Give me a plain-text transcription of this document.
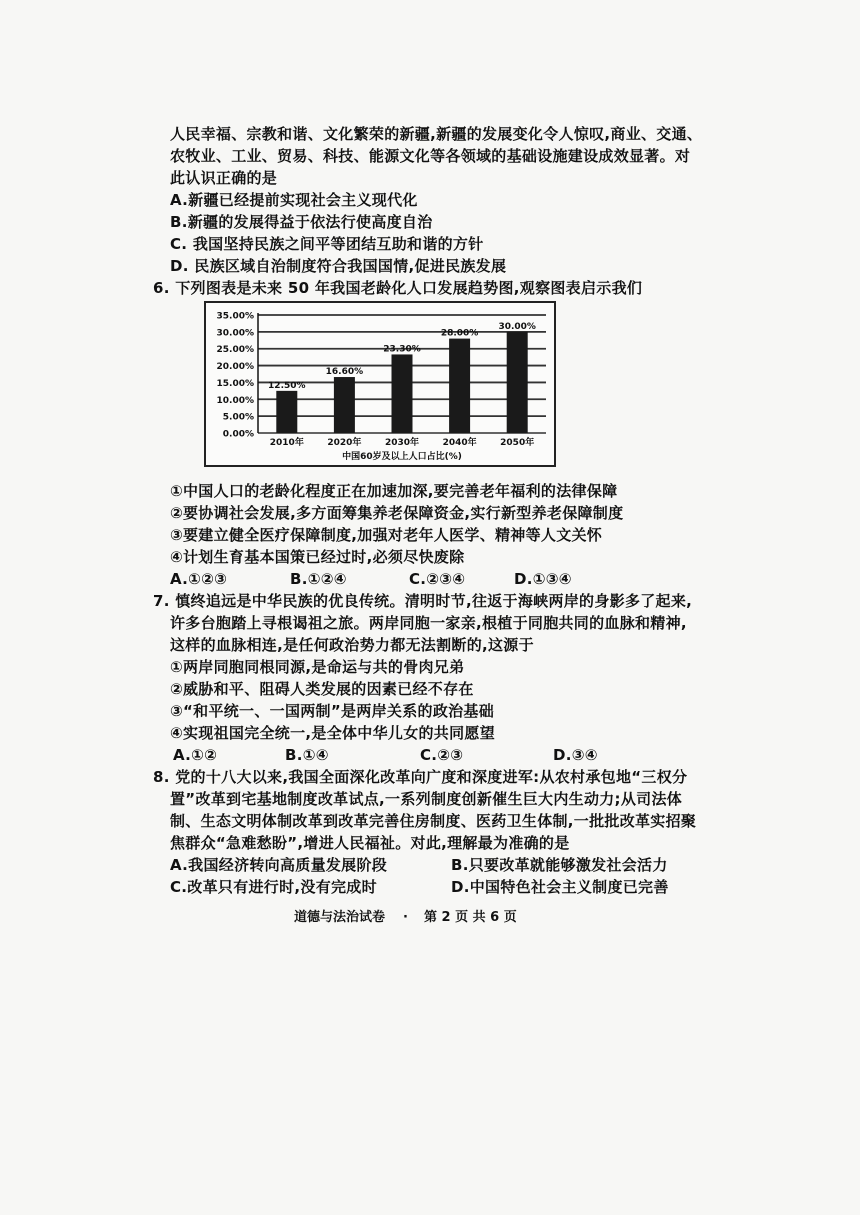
人民幸福、宗教和谐、文化繁荣的新疆,新疆的发展变化令人惊叹,商业、交通、
农牧业、工业、贸易、科技、能源文化等各领域的基础设施建设成效显著。对
此认识正确的是
A.新疆已经提前实现社会主义现代化
B.新疆的发展得益于依法行使高度自治
C. 我国坚持民族之间平等团结互助和谐的方针
D. 民族区域自治制度符合我国国情,促进民族发展
6. 下列图表是未来 50 年我国老龄化人口发展趋势图,观察图表启示我们
0.00%
5.00%
10.00%
15.00%
20.00%
25.00%
30.00%
35.00%
12.50%
2010年
16.60%
2020年
23.30%
2030年
28.00%
2040年
30.00%
2050年
中国60岁及以上人口占比(%)
①中国人口的老龄化程度正在加速加深,要完善老年福利的法律保障
②要协调社会发展,多方面筹集养老保障资金,实行新型养老保障制度
③要建立健全医疗保障制度,加强对老年人医学、精神等人文关怀
④计划生育基本国策已经过时,必须尽快废除
A.①②③	B.①②④	C.②③④	D.①③④
7. 慎终追远是中华民族的优良传统。清明时节,往返于海峡两岸的身影多了起来,
许多台胞踏上寻根谒祖之旅。两岸同胞一家亲,根植于同胞共同的血脉和精神,
这样的血脉相连,是任何政治势力都无法割断的,这源于
①两岸同胞同根同源,是命运与共的骨肉兄弟
②威胁和平、阻碍人类发展的因素已经不存在
③“和平统一、一国两制”是两岸关系的政治基础
④实现祖国完全统一,是全体中华儿女的共同愿望
A.①②	B.①④	C.②③	D.③④
8. 党的十八大以来,我国全面深化改革向广度和深度进军:从农村承包地“三权分
置”改革到宅基地制度改革试点,一系列制度创新催生巨大内生动力;从司法体
制、生态文明体制改革到改革完善住房制度、医药卫生体制,一批批改革实招聚
焦群众“急难愁盼”,增进人民福祉。对此,理解最为准确的是
A.我国经济转向高质量发展阶段	B.只要改革就能够激发社会活力
C.改革只有进行时,没有完成时	D.中国特色社会主义制度已完善
道德与法治试卷 · 第 2 页 共 6 页
